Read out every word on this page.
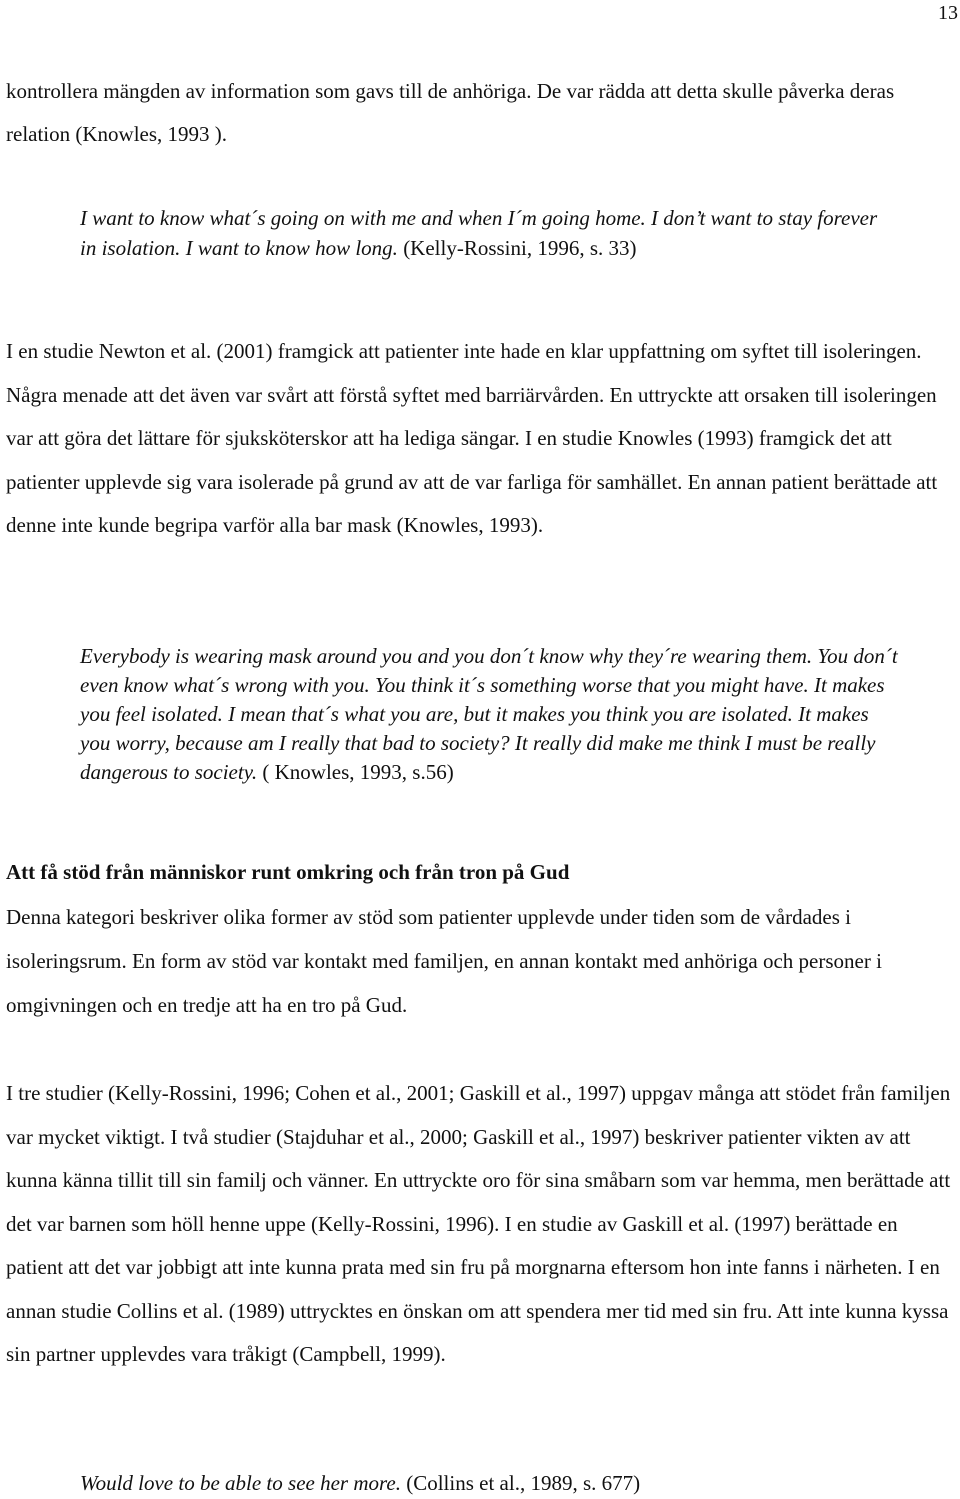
13

kontrollera mängden av information som gavs till de anhöriga. De var rädda att detta skulle påverka deras relation (Knowles, 1993 ).

I want to know what´s going on with me and when I´m going home. I don’t want to stay forever in isolation. I want to know how long. (Kelly-Rossini, 1996, s. 33)

I en studie Newton et al. (2001) framgick att patienter inte hade en klar uppfattning om syftet till isoleringen. Några menade att det även var svårt att förstå syftet med barriärvården. En uttryckte att orsaken till isoleringen var att göra det lättare för sjuksköterskor att ha lediga sängar. I en studie Knowles (1993) framgick det att patienter upplevde sig vara isolerade på grund av att de var farliga för samhället. En annan patient berättade att denne inte kunde begripa varför alla bar mask (Knowles, 1993).

Everybody is wearing mask around you and you don´t know why they´re wearing them. You don´t even know what´s wrong with you. You think it´s something worse that you might have. It makes you feel isolated. I mean that´s what you are, but it makes you think you are isolated. It makes you worry, because am I really that bad to society? It really did make me think I must be really dangerous to society. ( Knowles, 1993, s.56)

Att få stöd från människor runt omkring och från tron på Gud

Denna kategori beskriver olika former av stöd som patienter upplevde under tiden som de vårdades i isoleringsrum. En form av stöd var kontakt med familjen, en annan kontakt med anhöriga och personer i omgivningen och en tredje att ha en tro på Gud.

I tre studier (Kelly-Rossini, 1996; Cohen et al., 2001; Gaskill et al., 1997) uppgav många att stödet från familjen var mycket viktigt. I två studier (Stajduhar et al., 2000; Gaskill et al., 1997) beskriver patienter vikten av att kunna känna tillit till sin familj och vänner. En uttryckte oro för sina småbarn som var hemma, men berättade att det var barnen som höll henne uppe (Kelly-Rossini, 1996). I en studie av Gaskill et al. (1997) berättade en patient att det var jobbigt att inte kunna prata med sin fru på morgnarna eftersom hon inte fanns i närheten. I en annan studie Collins et al. (1989) uttrycktes en önskan om att spendera mer tid med sin fru. Att inte kunna kyssa sin partner upplevdes vara tråkigt (Campbell, 1999).

Would love to be able to see her more. (Collins et al., 1989, s. 677)
